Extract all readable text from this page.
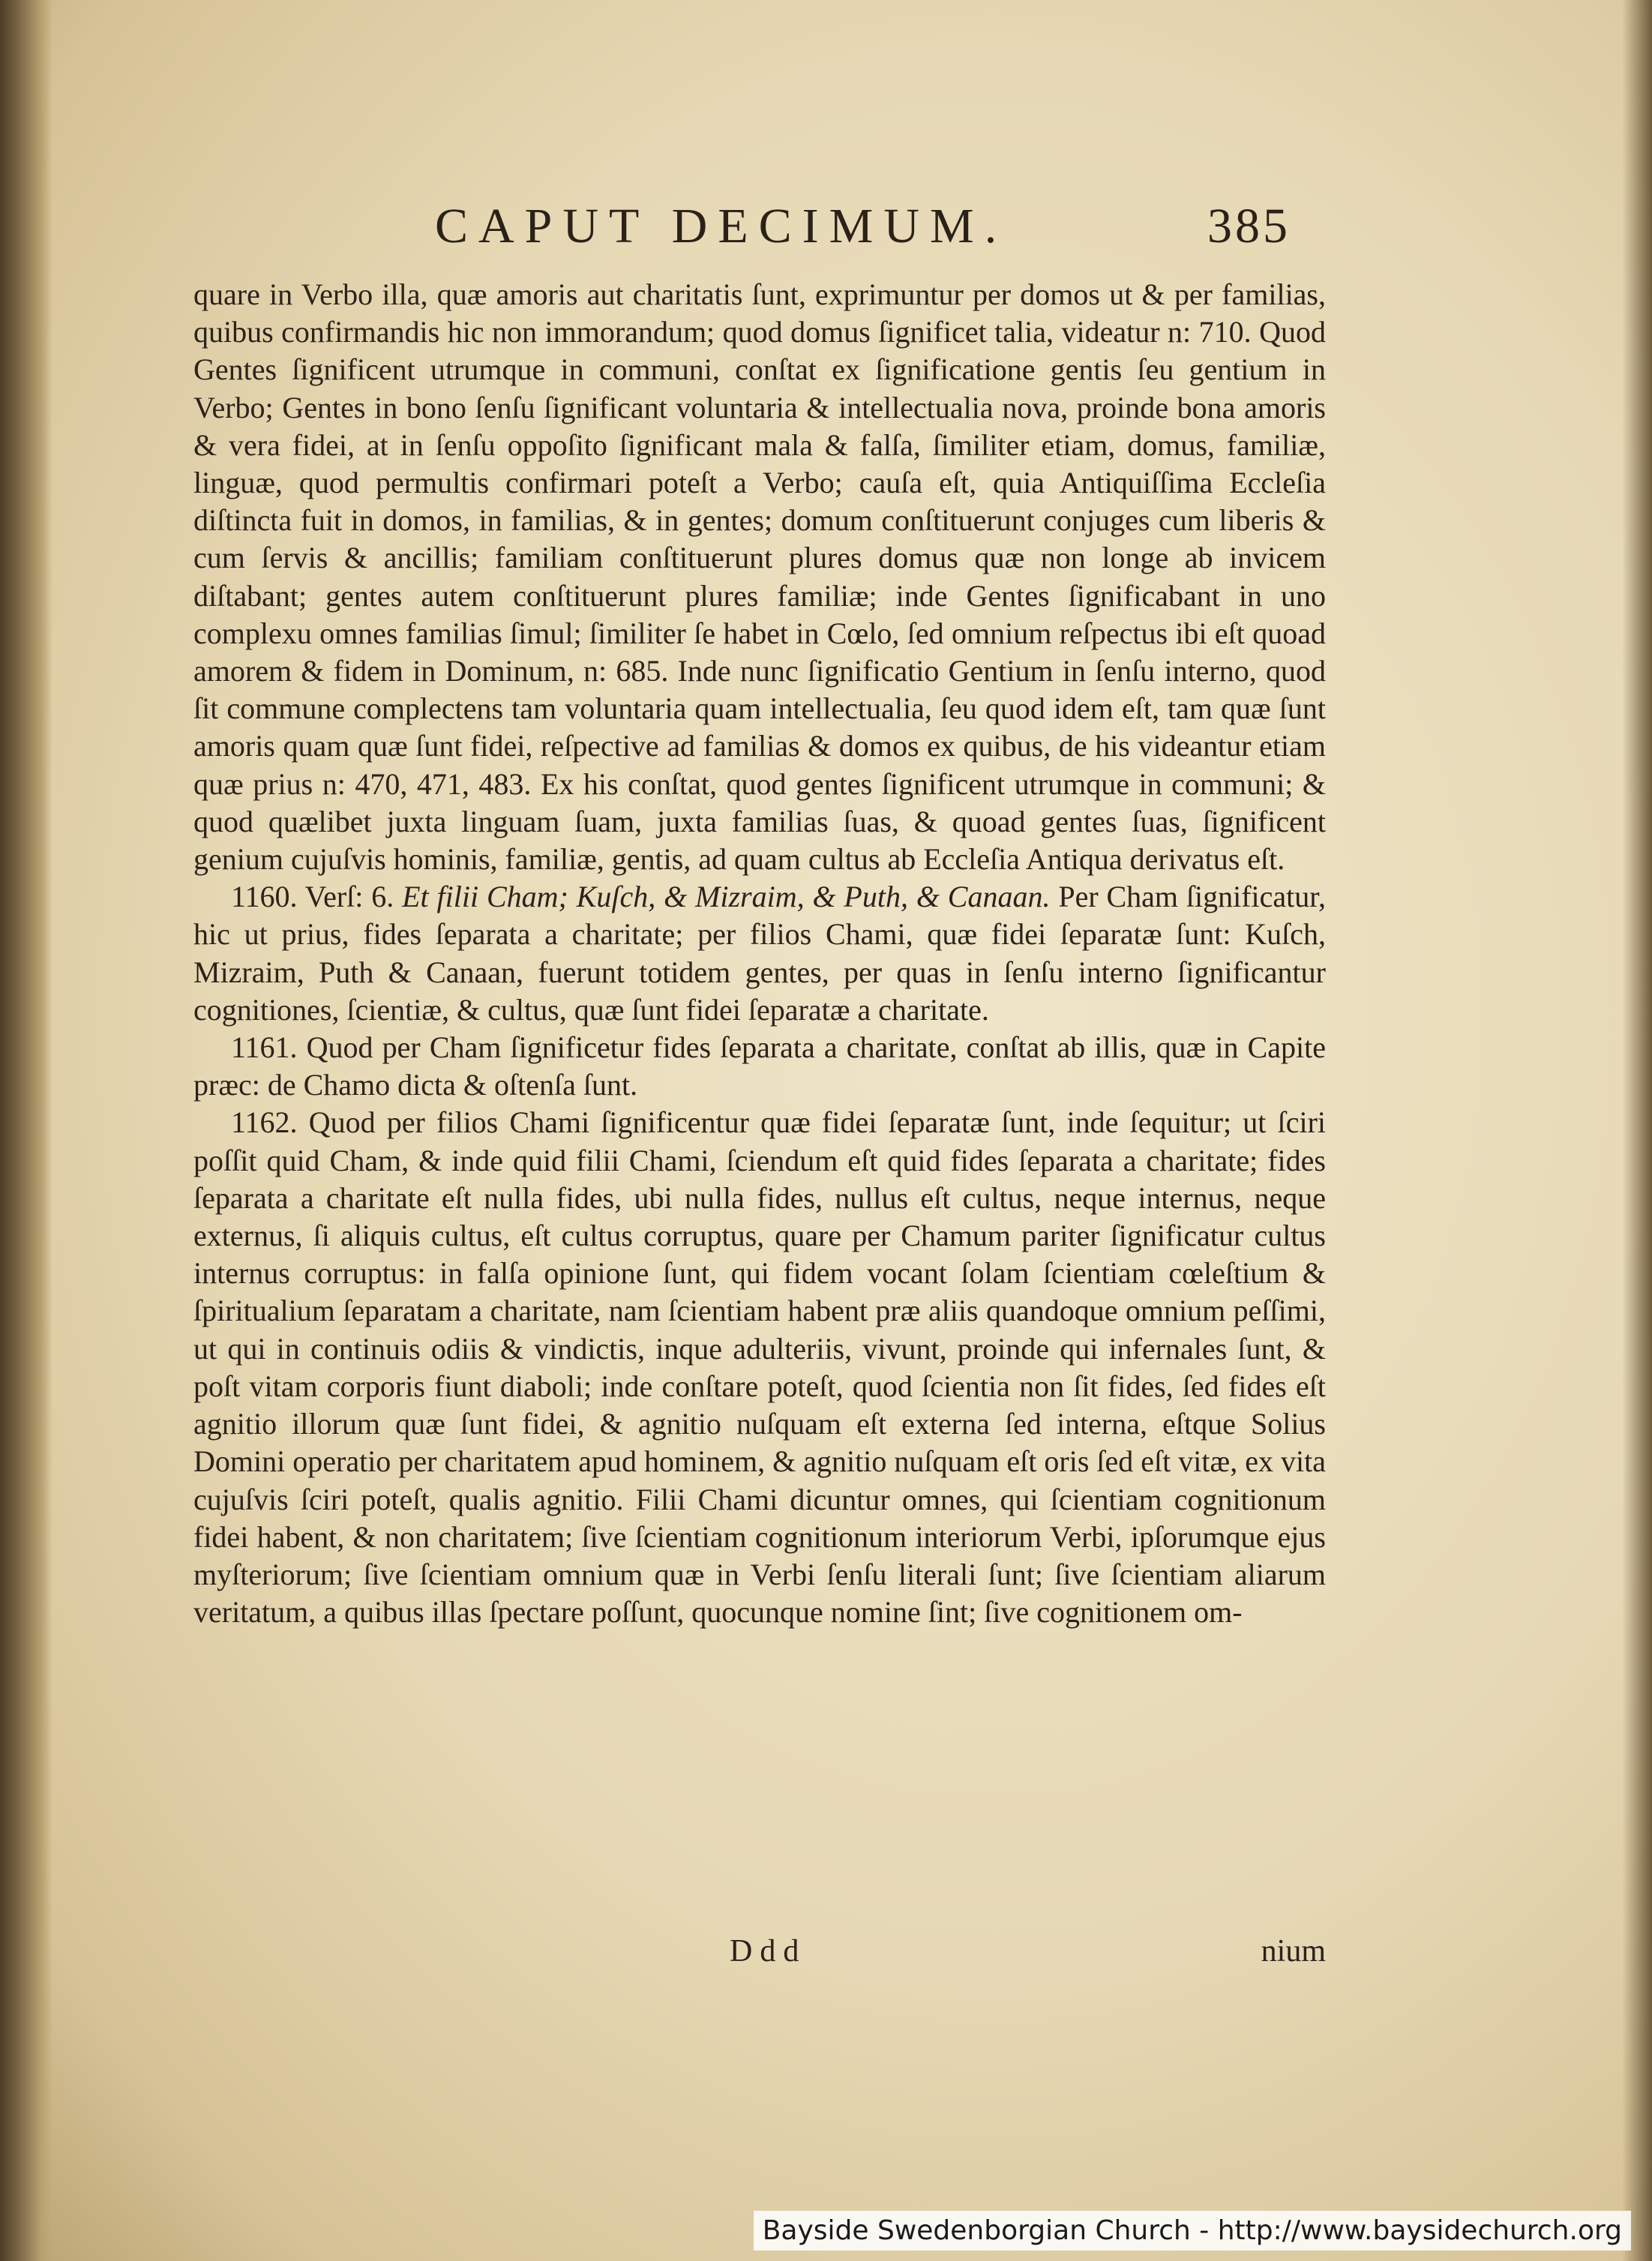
CAPUT DECIMUM.	385

quare in Verbo illa, quæ amoris aut charitatis ſunt, exprimuntur per domos ut & per familias, quibus confirmandis hic non immorandum; quod domus ſignificet talia, videatur n: 710. Quod Gentes ſignificent utrumque in communi, conſtat ex ſignificatione gentis ſeu gentium in Verbo; Gentes in bono ſenſu ſignificant voluntaria & intellectualia nova, proinde bona amoris & vera fidei, at in ſenſu oppoſito ſignificant mala & falſa, ſimiliter etiam, domus, familiæ, linguæ, quod permultis confirmari poteſt a Verbo; cauſa eſt, quia Antiquiſſima Eccleſia diſtincta fuit in domos, in familias, & in gentes; domum conſtituerunt conjuges cum liberis & cum ſervis & ancillis; familiam conſtituerunt plures domus quæ non longe ab invicem diſtabant; gentes autem conſtituerunt plures familiæ; inde Gentes ſignificabant in uno complexu omnes familias ſimul; ſimiliter ſe habet in Cœlo, ſed omnium reſpectus ibi eſt quoad amorem & fidem in Dominum, n: 685. Inde nunc ſignificatio Gentium in ſenſu interno, quod ſit commune complectens tam voluntaria quam intellectualia, ſeu quod idem eſt, tam quæ ſunt amoris quam quæ ſunt fidei, reſpective ad familias & domos ex quibus, de his videantur etiam quæ prius n: 470, 471, 483. Ex his conſtat, quod gentes ſignificent utrumque in communi; & quod quælibet juxta linguam ſuam, juxta familias ſuas, & quoad gentes ſuas, ſignificent genium cujuſvis hominis, familiæ, gentis, ad quam cultus ab Eccleſia Antiqua derivatus eſt.

1160. Verſ: 6. Et filii Cham; Kuſch, & Mizraim, & Puth, & Canaan. Per Cham ſignificatur, hic ut prius, fides ſeparata a charitate; per filios Chami, quæ fidei ſeparatæ ſunt: Kuſch, Mizraim, Puth & Canaan, fuerunt totidem gentes, per quas in ſenſu interno ſignificantur cognitiones, ſcientiæ, & cultus, quæ ſunt fidei ſeparatæ a charitate.

1161. Quod per Cham ſignificetur fides ſeparata a charitate, conſtat ab illis, quæ in Capite præc: de Chamo dicta & oſtenſa ſunt.

1162. Quod per filios Chami ſignificentur quæ fidei ſeparatæ ſunt, inde ſequitur; ut ſciri poſſit quid Cham, & inde quid filii Chami, ſciendum eſt quid fides ſeparata a charitate; fides ſeparata a charitate eſt nulla fides, ubi nulla fides, nullus eſt cultus, neque internus, neque externus, ſi aliquis cultus, eſt cultus corruptus, quare per Chamum pariter ſignificatur cultus internus corruptus: in falſa opinione ſunt, qui fidem vocant ſolam ſcientiam cœleſtium & ſpiritualium ſeparatam a charitate, nam ſcientiam habent præ aliis quandoque omnium peſſimi, ut qui in continuis odiis & vindictis, inque adulteriis, vivunt, proinde qui infernales ſunt, & poſt vitam corporis fiunt diaboli; inde conſtare poteſt, quod ſcientia non ſit fides, ſed fides eſt agnitio illorum quæ ſunt fidei, & agnitio nuſquam eſt externa ſed interna, eſtque Solius Domini operatio per charitatem apud hominem, & agnitio nuſquam eſt oris ſed eſt vitæ, ex vita cujuſvis ſciri poteſt, qualis agnitio. Filii Chami dicuntur omnes, qui ſcientiam cognitionum fidei habent, & non charitatem; ſive ſcientiam cognitionum interiorum Verbi, ipſorumque ejus myſteriorum; ſive ſcientiam omnium quæ in Verbi ſenſu literali ſunt; ſive ſcientiam aliarum veritatum, a quibus illas ſpectare poſſunt, quocunque nomine ſint; ſive cognitionem om-

Ddd	nium
Bayside Swedenborgian Church - http://www.baysidechurch.org
